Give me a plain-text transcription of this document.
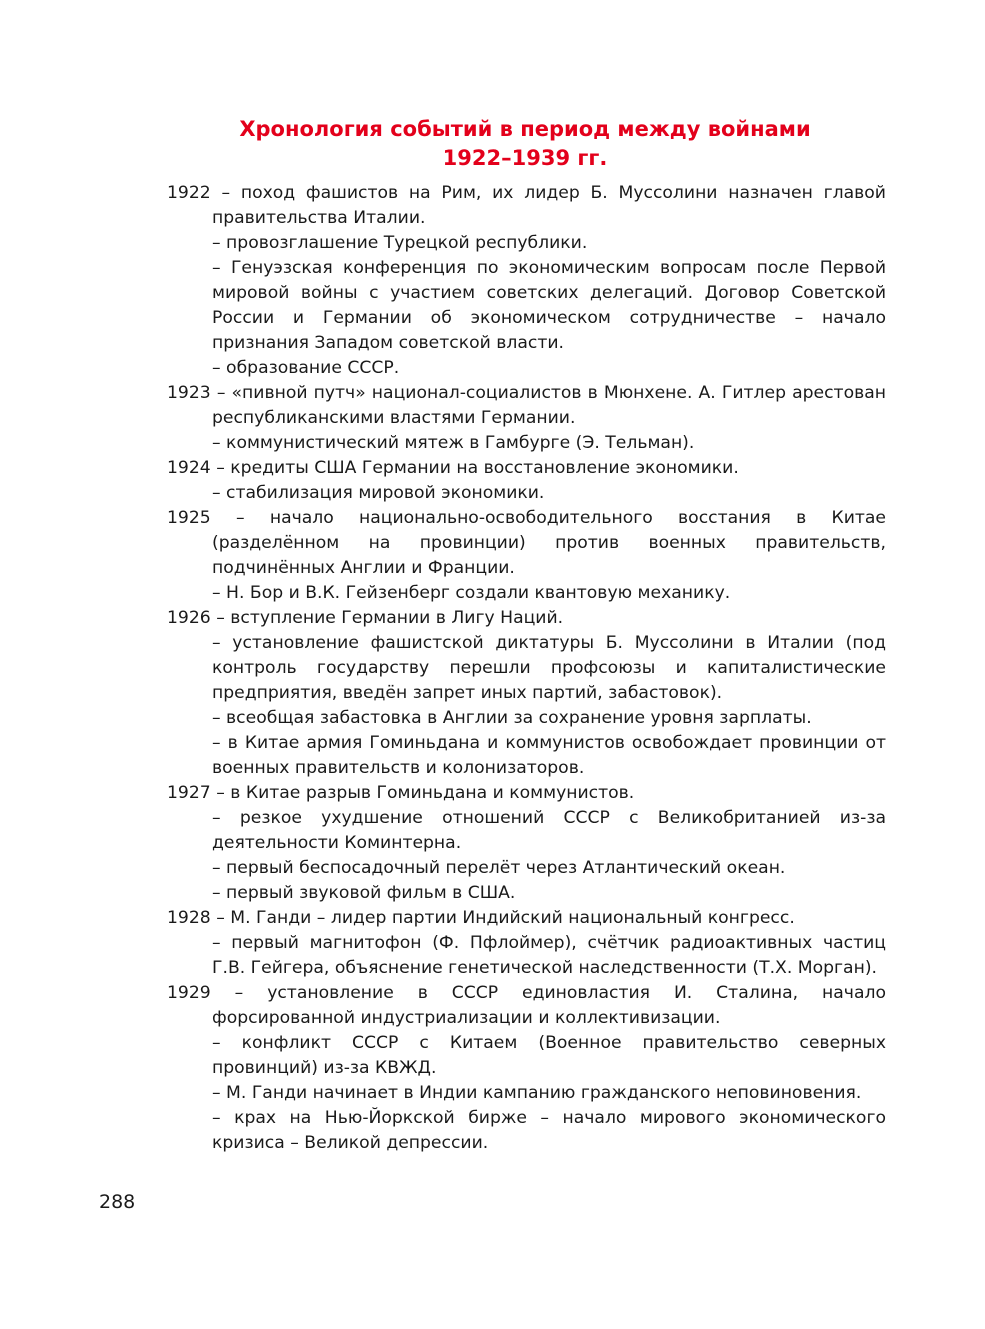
Хронология событий в период между войнами
1922–1939 гг.
1922 – поход фашистов на Рим, их лидер Б. Муссолини назначен главой правительства Италии.
– провозглашение Турецкой республики.
– Генуэзская конференция по экономическим вопросам после Первой мировой войны с участием советских делегаций. Договор Советской России и Германии об экономическом сотрудничестве – начало признания Западом советской власти.
– образование СССР.
1923 – «пивной путч» национал-социалистов в Мюнхене. А. Гитлер арестован республиканскими властями Германии.
– коммунистический мятеж в Гамбурге (Э. Тельман).
1924 – кредиты США Германии на восстановление экономики.
– стабилизация мировой экономики.
1925 – начало национально-освободительного восстания в Китае (разделённом на провинции) против военных правительств, подчинённых Англии и Франции.
– Н. Бор и В.К. Гейзенберг создали квантовую механику.
1926 – вступление Германии в Лигу Наций.
– установление фашистской диктатуры Б. Муссолини в Италии (под контроль государству перешли профсоюзы и капиталистические предприятия, введён запрет иных партий, забастовок).
– всеобщая забастовка в Англии за сохранение уровня зарплаты.
– в Китае армия Гоминьдана и коммунистов освобождает провинции от военных правительств и колонизаторов.
1927 – в Китае разрыв Гоминьдана и коммунистов.
– резкое ухудшение отношений СССР с Великобританией из-за деятельности Коминтерна.
– первый беспосадочный перелёт через Атлантический океан.
– первый звуковой фильм в США.
1928 – М. Ганди – лидер партии Индийский национальный конгресс.
– первый магнитофон (Ф. Пфлоймер), счётчик радиоактивных частиц Г.В. Гейгера, объяснение генетической наследственности (Т.Х. Морган).
1929 – установление в СССР единовластия И. Сталина, начало форсированной индустриализации и коллективизации.
– конфликт СССР с Китаем (Военное правительство северных провинций) из-за КВЖД.
– М. Ганди начинает в Индии кампанию гражданского неповиновения.
– крах на Нью-Йоркской бирже – начало мирового экономического кризиса – Великой депрессии.
288
